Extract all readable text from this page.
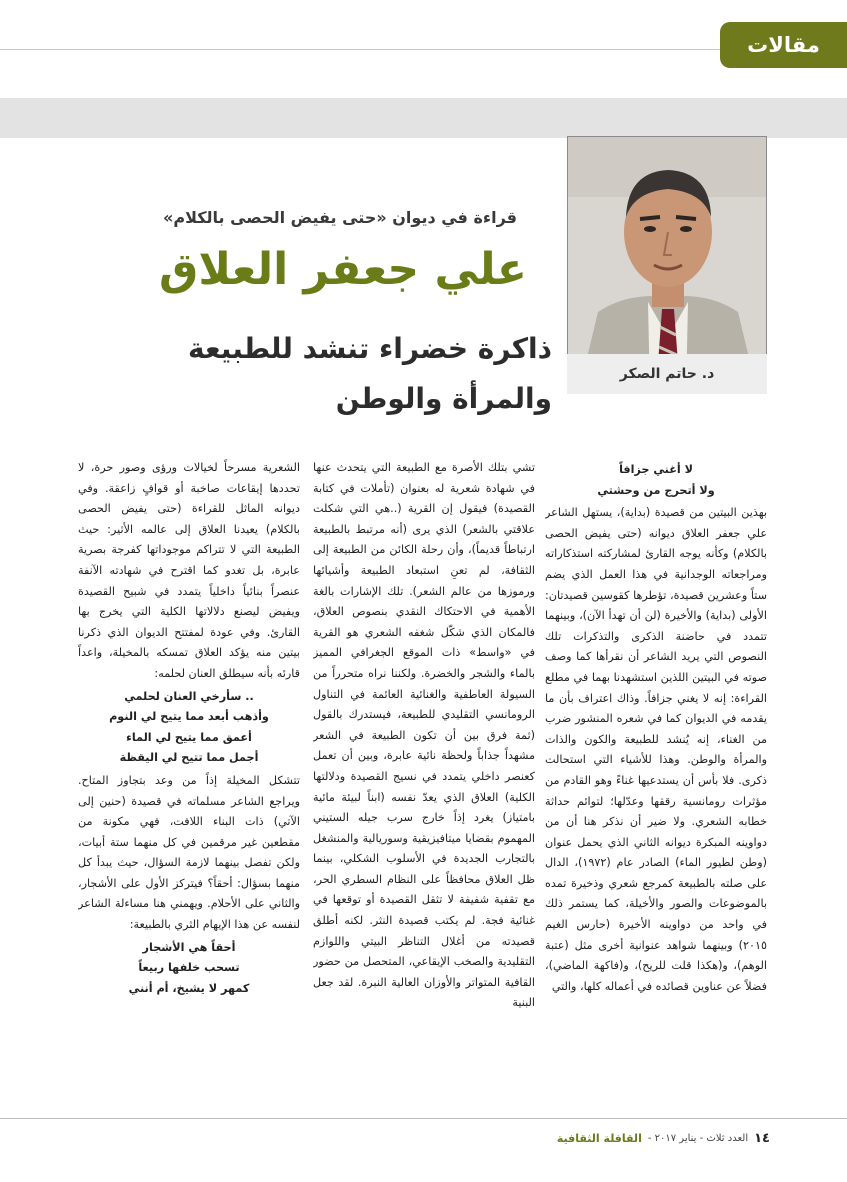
مقالات
د. حاتم الصكر
قراءة في ديوان «حتى يفيض الحصى بالكلام»
علي جعفر العلاق
ذاكرة خضراء تنشد للطبيعة والمرأة والوطن
لا أغني جزافاً
ولا أتحرج من وحشتي

بهذين البيتين من قصيدة (بداية)، يستهل الشاعر علي جعفر العلاق ديوانه (حتى يفيض الحصى بالكلام) وكأنه يوجه القارئ لمشاركته استذكاراته ومراجعاته الوجدانية في هذا العمل الذي يضم ستاً وعشرين قصيدة، تؤطرها كقوسين قصيدتان: الأولى (بداية) والأخيرة (لن أن تهدأ الآن)، وبينهما تتمدد في حاضنة الذكرى والتذكرات تلك النصوص التي يريد الشاعر أن نقرأها كما وصف صوته في البيتين اللذين استشهدنا بهما في مطلع القراءة: إنه لا يغني جزافاً. وذاك اعتراف بأن ما يقدمه في الديوان كما في شعره المنشور ضرب من الغناء، إنه يُنشد للطبيعة والكون والذات والمرأة والوطن. وهذا للأشياء التي استحالت ذكرى. فلا بأس أن يستدعيها غناءً وهو القادم من مؤثرات رومانسية رققها وعدّلها؛ لتوائم حداثة خطابه الشعري. ولا ضير أن نذكر هنا أن من دواوينه المبكرة ديوانه الثاني الذي يحمل عنوان (وطن لطيور الماء) الصادر عام (١٩٧٢)، الدال على صلته بالطبيعة كمرجع شعري وذخيرة تمده بالموضوعات والصور والأخيلة، كما يستمر ذلك في واحد من دواوينه الأخيرة (حارس الغيم ٢٠١٥) وبينهما شواهد عنوانية أخرى مثل (عتبة الوهم)، و(هكذا قلت للريح)، و(فاكهة الماضي)، فضلاً عن عناوين قصائده في أعماله كلها، والتي

تشي بتلك الأصرة مع الطبيعة التي يتحدث عنها في شهادة شعرية له بعنوان (تأملات في كتابة القصيدة) فيقول إن القرية (..هي التي شكلت علاقتي بالشعر) الذي يرى (أنه مرتبط بالطبيعة ارتباطاً قديماً)، وأن رحلة الكائن من الطبيعة إلى الثقافة، لم تعنِ استبعاد الطبيعة وأشيائها ورموزها من عالم الشعر). تلك الإشارات بالغة الأهمية في الاحتكاك النقدي بنصوص العلاق، فالمكان الذي شكّل شغفه الشعري هو القرية في «واسط» ذات الموقع الجغرافي المميز بالماء والشجر والخضرة. ولكننا نراه متحرراً من السيولة العاطفية والغنائية العائمة في التناول الرومانسي التقليدي للطبيعة، فيستدرك بالقول (ثمة فرق بين أن تكون الطبيعة في الشعر مشهداً جذاباً ولحظة نائية عابرة، وبين أن تعمل كعنصر داخلي يتمدد في نسيج القصيدة ودلالتها الكلية) العلاق الذي يعدّ نفسه (ابناً لبيئة مائية بامتياز) يغرد إذاً خارج سرب جيله الستيني المهموم بقضايا ميتافيزيقية وسوريالية والمنشغل بالتجارب الجديدة في الأسلوب الشكلي، بينما ظل العلاق محافظاً على النظام السطري الحر، مع تقفية شفيفة لا تثقل القصيدة أو توقعها في غنائية فجة. لم يكتب قصيدة النثر. لكنه أطلق قصيدته من أغلال التناظر البيتي واللوازم التقليدية والصخب الإيقاعي، المتحصل من حضور القافية المتواتر والأوزان العالية النبرة. لقد جعل البنية

الشعرية مسرحاً لخيالات ورؤى وصور حرة، لا تحددها إيقاعات صاخبة أو قوافٍ زاعقة. وفي ديوانه الماثل للقراءة (حتى يفيض الحصى بالكلام) يعيدنا العلاق إلى عالمه الأثير: حيث الطبيعة التي لا تتراكم موجوداتها كفرجة بصرية عابرة، بل تغدو كما اقترح في شهادته الآنفة عنصراً بنائياً داخلياً يتمدد في شبيح القصيدة ويفيض ليصنع دلالاتها الكلية التي يخرج بها القارئ. وفي عودة لمفتتح الديوان الذي ذكرنا بيتين منه يؤكد العلاق تمسكه بالمخيلة، واعداً قارئه بأنه سيطلق العنان لحلمه:

.. سأرخي العنان لحلمي
وأذهب أبعد مما يتيح لي النوم
أعمق مما يتيح لي الماء
أجمل مما تتيح لي اليقظة

تتشكل المخيلة إذاً من وعد بتجاوز المتاح. ويراجع الشاعر مسلماته في قصيدة (حنين إلى الآتي) ذات البناء اللافت، فهي مكونة من مقطعين غير مرقمين في كل منهما ستة أبيات، ولكن تفصل بينهما لازمة السؤال، حيث يبدأ كل منهما بسؤال: أحقاً؟ فيتركز الأول على الأشجار، والثاني على الأحلام. ويهمني هنا مساءلة الشاعر لنفسه عن هذا الإيهام الثري بالطبيعة:

أحقاً هي الأشجار
تسحب خلفها ربيعاً
كمهر لا يشيخ، أم أنني
١٤
العدد ثلاث - يناير ٢٠١٧ -
القافلة الثقافية
